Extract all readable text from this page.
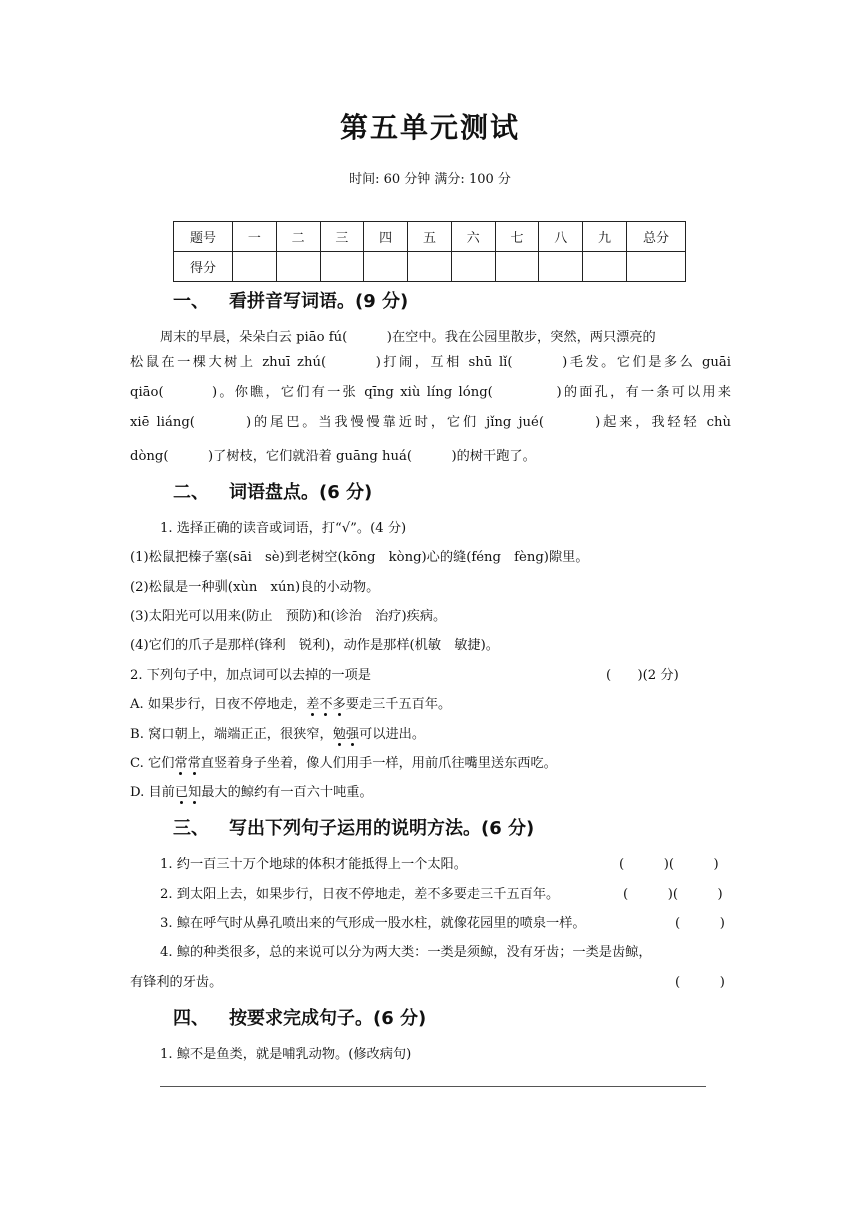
第五单元测试
时间: 60 分钟 满分: 100 分
题号	一	二	三	四	五	六	七	八	九	总分
得分										
一、 看拼音写词语。(9 分)
周末的早晨，朵朵白云 piāo fú(　　　)在空中。我在公园里散步，突然，两只漂亮的
松鼠在一棵大树上 zhuī zhú(　　　)打闹，互相 shū lǐ(　　　)毛发。它们是多么 guāi
qiāo(　　　)。你瞧，它们有一张 qīng xiù líng lóng(　　　　)的面孔，有一条可以用来
xiē liáng(　　　)的尾巴。当我慢慢靠近时，它们 jǐng jué(　　　)起来，我轻轻 chù
dòng(　　　)了树枝，它们就沿着 guāng huá(　　　)的树干跑了。
二、 词语盘点。(6 分)
1. 选择正确的读音或词语，打“√”。(4 分)
(1)松鼠把榛子塞(sāi　sè)到老树空(kōng　kòng)心的缝(féng　fèng)隙里。
(2)松鼠是一种驯(xùn　xún)良的小动物。
(3)太阳光可以用来(防止　预防)和(诊治　治疗)疾病。
(4)它们的爪子是那样(锋利　锐利)，动作是那样(机敏　敏捷)。
2. 下列句子中，加点词可以去掉的一项是	(　　)(2 分)
A. 如果步行，日夜不停地走，差不多要走三千五百年。
B. 窝口朝上，端端正正，很狭窄，勉强可以进出。
C. 它们常常直竖着身子坐着，像人们用手一样，用前爪往嘴里送东西吃。
D. 目前已知最大的鲸约有一百六十吨重。
三、 写出下列句子运用的说明方法。(6 分)
1. 约一百三十万个地球的体积才能抵得上一个太阳。	(　　　)(　　　)
2. 到太阳上去，如果步行，日夜不停地走，差不多要走三千五百年。	(　　　)(　　　)
3. 鲸在呼气时从鼻孔喷出来的气形成一股水柱，就像花园里的喷泉一样。	(　　　)
4. 鲸的种类很多，总的来说可以分为两大类：一类是须鲸，没有牙齿；一类是齿鲸，
有锋利的牙齿。	(　　　)
四、 按要求完成句子。(6 分)
1. 鲸不是鱼类，就是哺乳动物。(修改病句)
